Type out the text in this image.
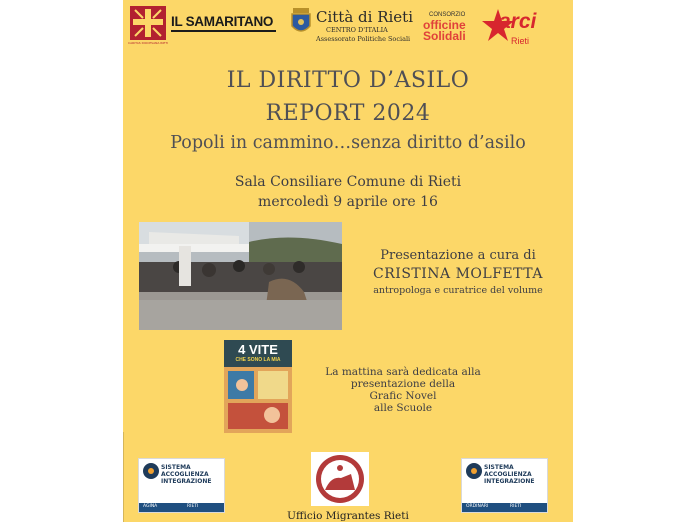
CARITAS DIOCESANA RIETI
IL SAMARITANO	Città di Rieti
CENTRO D'ITALIA
Assessorato Politiche Sociali
CONSORZIO
officine
Solidali
arci
Rieti
IL DIRITTO D’ASILO
REPORT 2024
Popoli in cammino…senza diritto d’asilo
Sala Consiliare Comune di Rieti
mercoledì 9 aprile ore 16
Presentazione a cura di
CRISTINA MOLFETTA
antropologa e curatrice del volume
4 VITE
CHE SONO LA MIA
La mattina sarà dedicata alla
presentazione della
Grafic Novel
alle Scuole
SISTEMA
ACCOGLIENZA
INTEGRAZIONE
AGINA	RIETI
SISTEMA
ACCOGLIENZA
INTEGRAZIONE
ORDINARI	RIETI
Ufficio Migrantes Rieti
